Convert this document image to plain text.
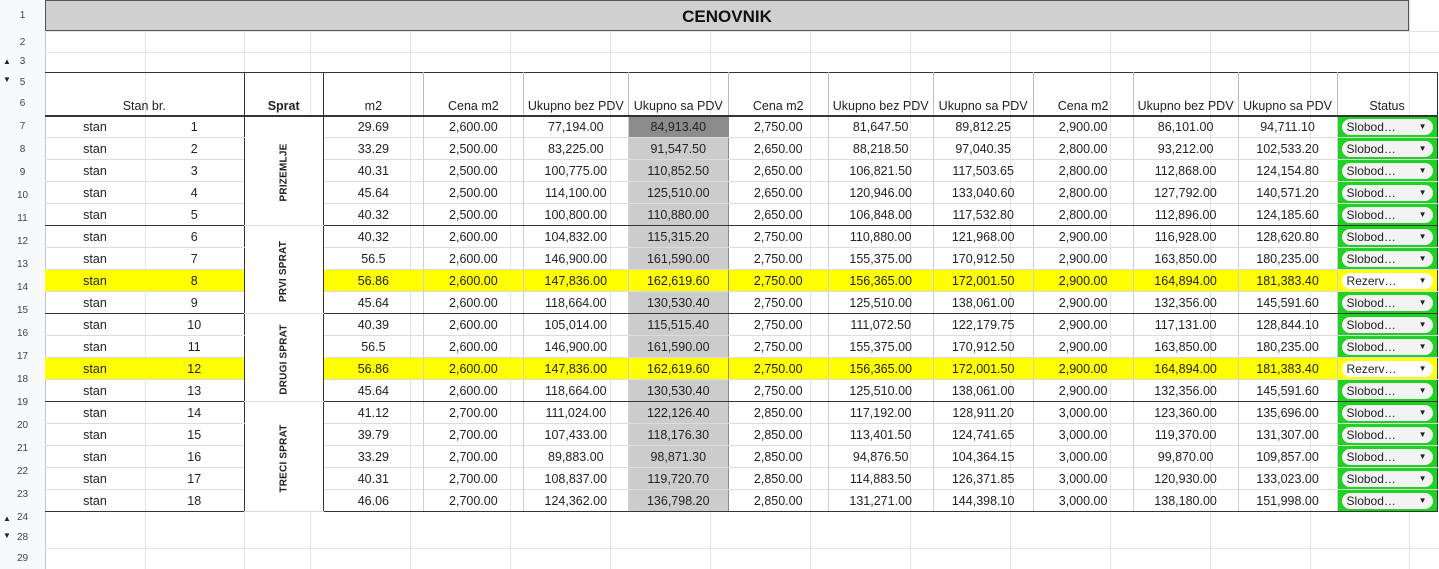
▲
▼
▲
▼
1
2
3
5
6
7
8
9
10
11
12
13
14
15
16
17
18
19
20
21
22
23
24
28
29
CENOVNIK
Stan br.		Sprat	m2	Cena m2	Ukupno bez PDV	Ukupno sa PDV	Cena m2	Ukupno bez PDV	Ukupno sa PDV	Cena m2	Ukupno bez PDV	Ukupno sa PDV	Status
stan	1	PRIZEMLJE	29.69	2,600.00	77,194.00	84,913.40	2,750.00	81,647.50	89,812.25	2,900.00	86,101.00	94,711.10	Slobod… ▼

stan	2		33.29	2,500.00	83,225.00	91,547.50	2,650.00	88,218.50	97,040.35	2,800.00	93,212.00	102,533.20	Slobod… ▼

stan	3		40.31	2,500.00	100,775.00	110,852.50	2,650.00	106,821.50	117,503.65	2,800.00	112,868.00	124,154.80	Slobod… ▼

stan	4		45.64	2,500.00	114,100.00	125,510.00	2,650.00	120,946.00	133,040.60	2,800.00	127,792.00	140,571.20	Slobod… ▼

stan	5		40.32	2,500.00	100,800.00	110,880.00	2,650.00	106,848.00	117,532.80	2,800.00	112,896.00	124,185.60	Slobod… ▼

stan	6	PRVI SPRAT	40.32	2,600.00	104,832.00	115,315.20	2,750.00	110,880.00	121,968.00	2,900.00	116,928.00	128,620.80	Slobod… ▼

stan	7		56.5	2,600.00	146,900.00	161,590.00	2,750.00	155,375.00	170,912.50	2,900.00	163,850.00	180,235.00	Slobod… ▼

stan	8		56.86	2,600.00	147,836.00	162,619.60	2,750.00	156,365.00	172,001.50	2,900.00	164,894.00	181,383.40	Rezerv… ▼

stan	9		45.64	2,600.00	118,664.00	130,530.40	2,750.00	125,510.00	138,061.00	2,900.00	132,356.00	145,591.60	Slobod… ▼

stan	10	DRUGI SPRAT	40.39	2,600.00	105,014.00	115,515.40	2,750.00	111,072.50	122,179.75	2,900.00	117,131.00	128,844.10	Slobod… ▼

stan	11		56.5	2,600.00	146,900.00	161,590.00	2,750.00	155,375.00	170,912.50	2,900.00	163,850.00	180,235.00	Slobod… ▼

stan	12		56.86	2,600.00	147,836.00	162,619.60	2,750.00	156,365.00	172,001.50	2,900.00	164,894.00	181,383.40	Rezerv… ▼

stan	13		45.64	2,600.00	118,664.00	130,530.40	2,750.00	125,510.00	138,061.00	2,900.00	132,356.00	145,591.60	Slobod… ▼

stan	14	TRECI SPRAT	41.12	2,700.00	111,024.00	122,126.40	2,850.00	117,192.00	128,911.20	3,000.00	123,360.00	135,696.00	Slobod… ▼

stan	15		39.79	2,700.00	107,433.00	118,176.30	2,850.00	113,401.50	124,741.65	3,000.00	119,370.00	131,307.00	Slobod… ▼

stan	16		33.29	2,700.00	89,883.00	98,871.30	2,850.00	94,876.50	104,364.15	3,000.00	99,870.00	109,857.00	Slobod… ▼

stan	17		40.31	2,700.00	108,837.00	119,720.70	2,850.00	114,883.50	126,371.85	3,000.00	120,930.00	133,023.00	Slobod… ▼

stan	18		46.06	2,700.00	124,362.00	136,798.20	2,850.00	131,271.00	144,398.10	3,000.00	138,180.00	151,998.00	Slobod… ▼
